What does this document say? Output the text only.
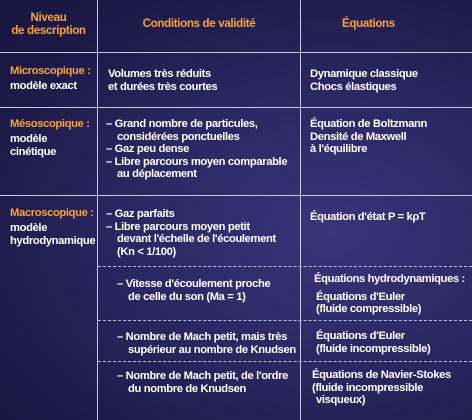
Niveau
de description
Conditions de validité	Équations
Microscopique :
modèle exact
Volumes très réduits
et durées très courtes
Dynamique classique
Chocs élastiques
Mésoscopique :
modèle
cinétique
– Grand nombre de particules,
considérées ponctuelles
– Gaz peu dense
– Libre parcours moyen comparable
au déplacement
Équation de Boltzmann
Densité de Maxwell
à l'équilibre
Macroscopique :
modèle
hydrodynamique
– Gaz parfaits
– Libre parcours moyen petit
devant l'échelle de l'écoulement
(Kn < 1/100)
Équation d'état P = kρT
– Vitesse d'écoulement proche
de celle du son (Ma = 1)
Équations hydrodynamiques :
Équations d'Euler
(fluide compressible)
– Nombre de Mach petit, mais très
supérieur au nombre de Knudsen
Équations d'Euler
(fluide incompressible)
– Nombre de Mach petit, de l'ordre
du nombre de Knudsen
Équations de Navier-Stokes
(fluide incompressible
visqueux)
